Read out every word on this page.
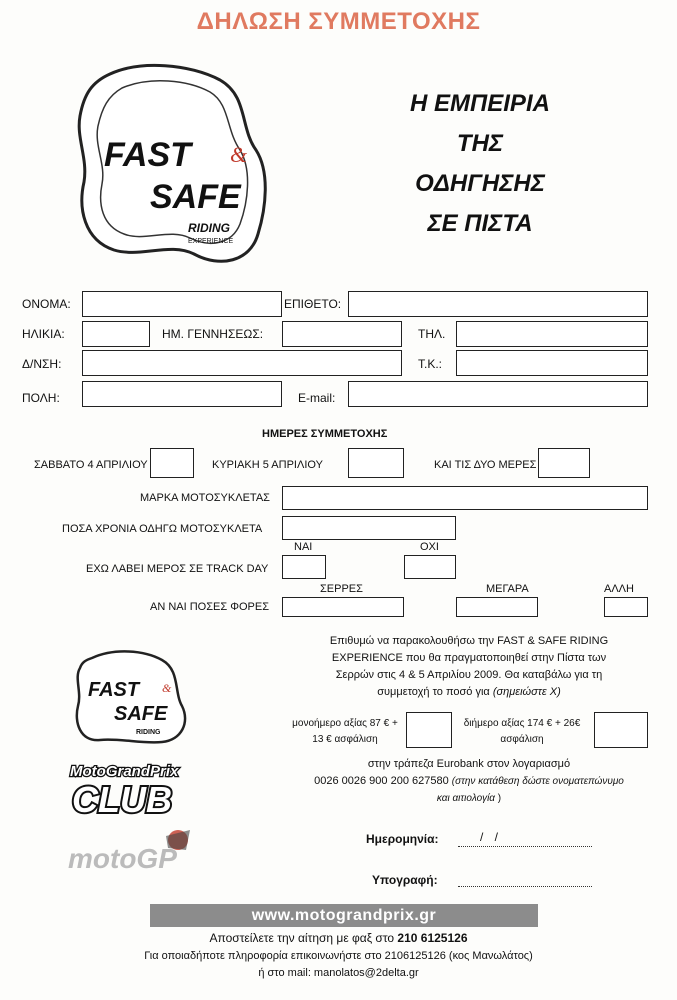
ΔΗΛΩΣΗ ΣΥΜΜΕΤΟΧΗΣ
FAST &
SAFE
RIDING
EXPERIENCE
Η ΕΜΠΕΙΡΙΑ
ΤΗΣ
ΟΔΗΓΗΣΗΣ
ΣΕ ΠΙΣΤΑ
ΟΝΟΜΑ:	ΕΠΙΘΕΤΟ:
ΗΛΙΚΙΑ:	ΗΜ. ΓΕΝΝΗΣΕΩΣ:	ΤΗΛ.
Δ/ΝΣΗ:	Τ.Κ.:
ΠΟΛΗ:	E-mail:
ΗΜΕΡΕΣ ΣΥΜΜΕΤΟΧΗΣ
ΣΑΒΒΑΤΟ 4 ΑΠΡΙΛΙΟΥ	ΚΥΡΙΑΚΗ 5 ΑΠΡΙΛΙΟΥ	ΚΑΙ ΤΙΣ ΔΥΟ ΜΕΡΕΣ
ΜΑΡΚΑ ΜΟΤΟΣΥΚΛΕΤΑΣ
ΠΟΣΑ ΧΡΟΝΙΑ ΟΔΗΓΩ ΜΟΤΟΣΥΚΛΕΤΑ
ΝΑΙ	ΟΧΙ
ΕΧΩ ΛΑΒΕΙ ΜΕΡΟΣ ΣΕ TRACK DAY
ΣΕΡΡΕΣ	ΜΕΓΑΡΑ	ΑΛΛΗ
ΑΝ ΝΑΙ ΠΟΣΕΣ ΦΟΡΕΣ
FAST &
SAFE
RIDING
MotoGrandPrix
CLUB
motoGP
Επιθυμώ να παρακολουθήσω την FAST & SAFE RIDING
EXPERIENCE που θα πραγματοποιηθεί στην Πίστα των
Σερρών στις 4 & 5 Απριλίου 2009. Θα καταβάλω για τη
συμμετοχή το ποσό για (σημειώστε Χ)
μονοήμερο αξίας 87 € +
13 € ασφάλιση
διήμερο αξίας 174 € + 26€
ασφάλιση
στην τράπεζα Eurobank στον λογαριασμό
0026 0026 900 200 627580 (στην κατάθεση δώστε ονοματεπώνυμο
και αιτιολογία )
Ημερομηνία:	/ /
Υπογραφή:
www.motograndprix.gr
Αποστείλετε την αίτηση με φαξ στο 210 6125126
Για οποιαδήποτε πληροφορία επικοινωνήστε στο 2106125126 (κος Μανωλάτος)
ή στο mail: manolatos@2delta.gr
